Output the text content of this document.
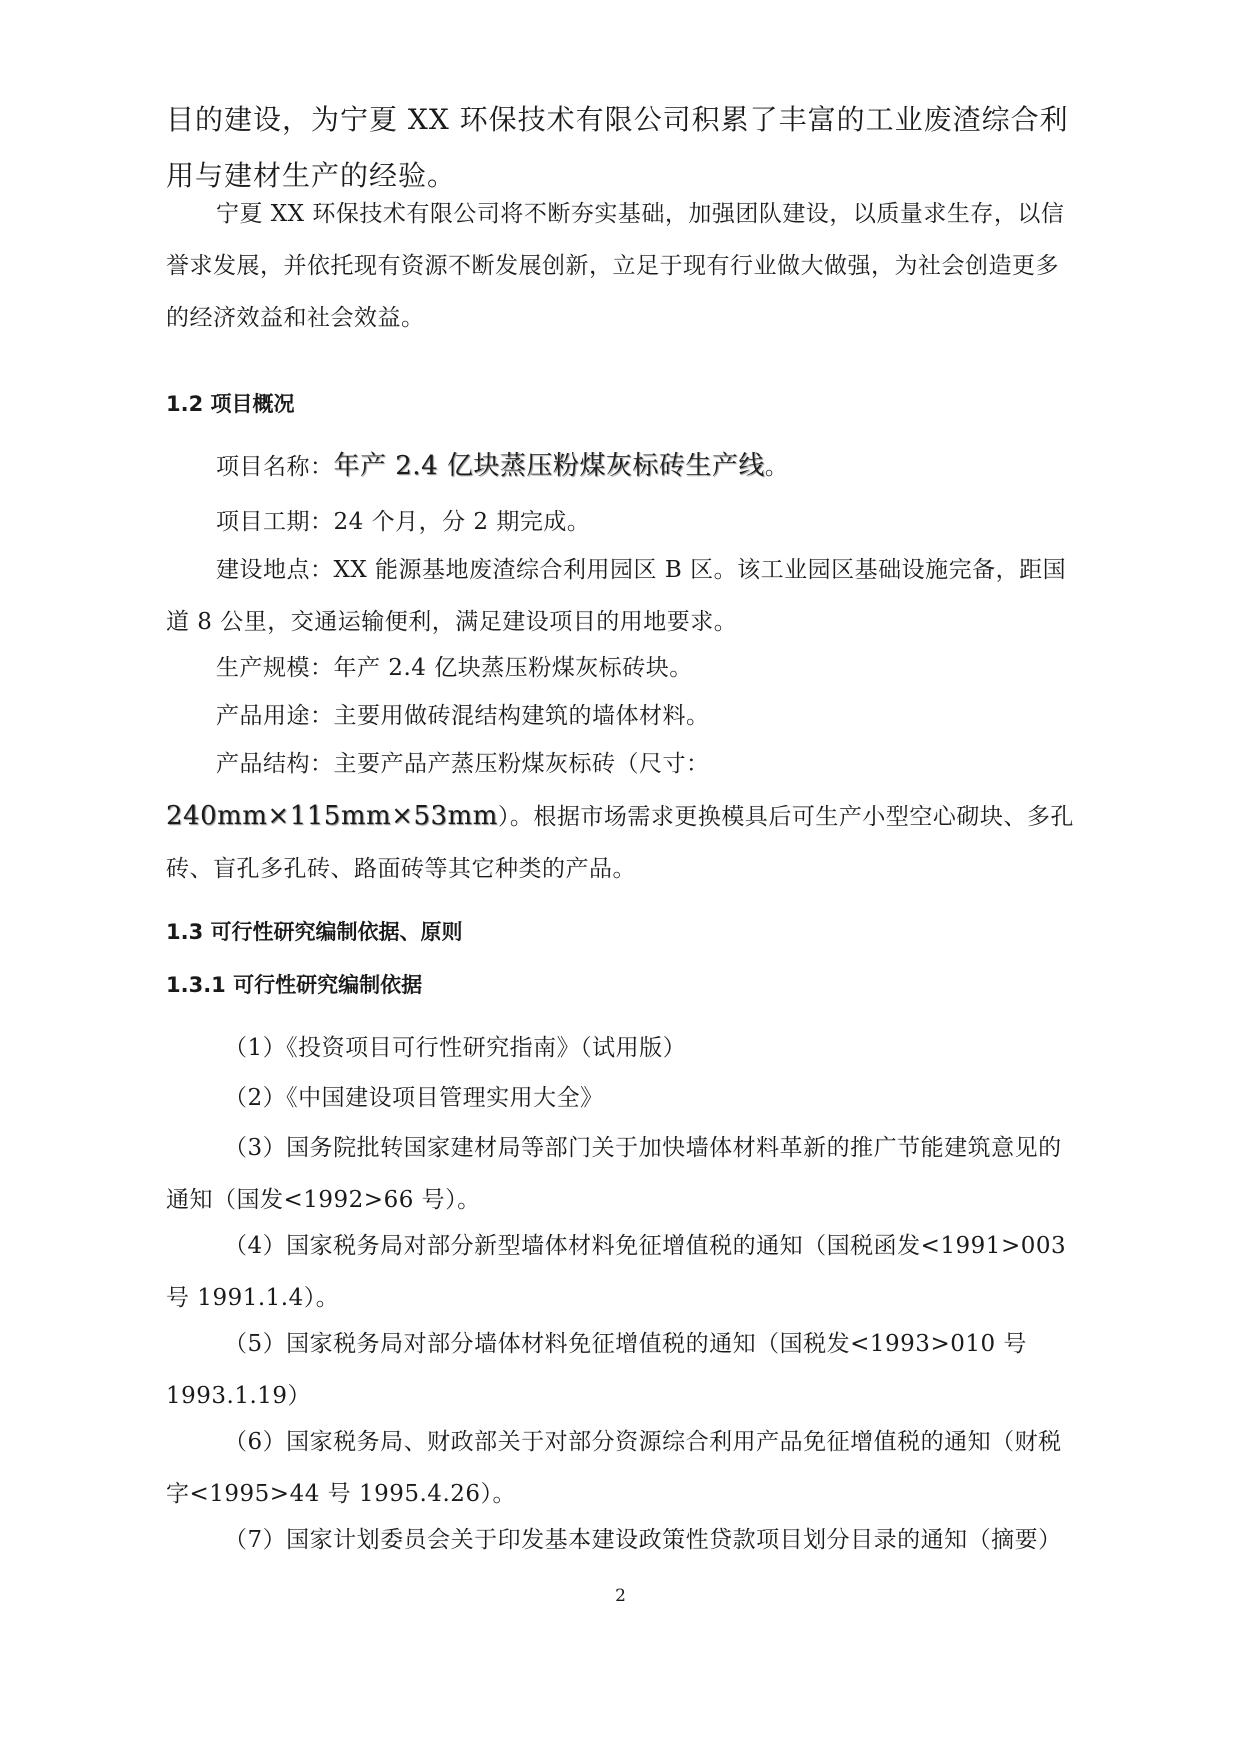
目的建设，为宁夏 XX 环保技术有限公司积累了丰富的工业废渣综合利用与建材生产的经验。

宁夏 XX 环保技术有限公司将不断夯实基础，加强团队建设，以质量求生存，以信誉求发展，并依托现有资源不断发展创新，立足于现有行业做大做强，为社会创造更多的经济效益和社会效益。

1.2 项目概况

项目名称：年产 2.4 亿块蒸压粉煤灰标砖生产线。

项目工期：24 个月，分 2 期完成。

建设地点：XX 能源基地废渣综合利用园区 B 区。该工业园区基础设施完备，距国道 8 公里，交通运输便利，满足建设项目的用地要求。

生产规模：年产 2.4 亿块蒸压粉煤灰标砖块。

产品用途：主要用做砖混结构建筑的墙体材料。

产品结构：主要产品产蒸压粉煤灰标砖（尺寸：240mm×115mm×53mm）。根据市场需求更换模具后可生产小型空心砌块、多孔砖、盲孔多孔砖、路面砖等其它种类的产品。

1.3 可行性研究编制依据、原则
1.3.1 可行性研究编制依据

（1）《投资项目可行性研究指南》（试用版）

（2）《中国建设项目管理实用大全》

（3）国务院批转国家建材局等部门关于加快墙体材料革新的推广节能建筑意见的通知（国发<1992>66 号）。

（4）国家税务局对部分新型墙体材料免征增值税的通知（国税函发<1991>003 号 1991.1.4）。

（5）国家税务局对部分墙体材料免征增值税的通知（国税发<1993>010 号 1993.1.19）

（6）国家税务局、财政部关于对部分资源综合利用产品免征增值税的通知（财税字<1995>44 号 1995.4.26）。

（7）国家计划委员会关于印发基本建设政策性贷款项目划分目录的通知（摘要）

2
